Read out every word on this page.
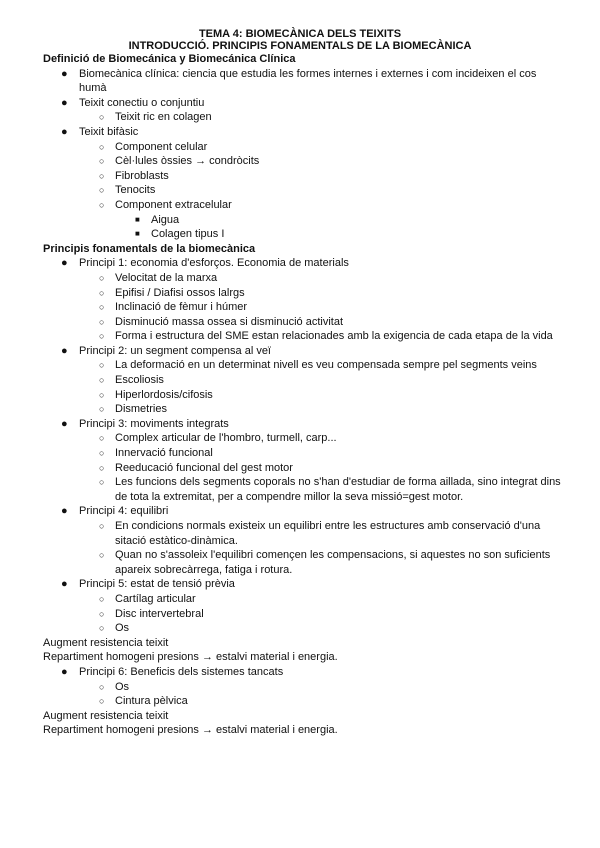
TEMA 4: BIOMECÀNICA DELS TEIXITS
INTRODUCCIÓ. PRINCIPIS FONAMENTALS DE LA BIOMECÀNICA
Definició de Biomecánica y Biomecánica Clínica
● Biomecànica clínica: ciencia que estudia les formes internes i externes i com incideixen el cos humà
● Teixit conectiu o conjuntiu
○ Teixit ric en colagen
● Teixit bifàsic
○ Component celular
○ Cèl·lules òssies → condròcits
○ Fibroblasts
○ Tenocits
○ Component extracelular
■ Aigua
■ Colagen tipus I
Principis fonamentals de la biomecànica
● Principi 1: economia d'esforços. Economia de materials
○ Velocitat de la marxa
○ Epifisi / Diafisi ossos lalrgs
○ Inclinació de fèmur i húmer
○ Disminució massa ossea si disminució activitat
○ Forma i estructura del SME estan relacionades amb la exigencia de cada etapa de la vida
● Principi 2: un segment compensa al veï
○ La deformació en un determinat nivell es veu compensada sempre pel segments veins
○ Escoliosis
○ Hiperlordosis/cifosis
○ Dismetries
● Principi 3: moviments integrats
○ Complex articular de l'hombro, turmell, carp...
○ Innervació funcional
○ Reeducació funcional del gest motor
○ Les funcions dels segments coporals no s'han d'estudiar de forma aillada, sino integrat dins de tota la extremitat, per a compendre millor la seva missió=gest motor.
● Principi 4: equilibri
○ En condicions normals existeix un equilibri entre les estructures amb conservació d'una sitació estàtico-dinàmica.
○ Quan no s'assoleix l'equilibri començen les compensacions, si aquestes no son suficients apareix sobrecàrrega, fatiga i rotura.
● Principi 5: estat de tensió prèvia
○ Cartílag articular
○ Disc intervertebral
○ Os
Augment resistencia teixit
Repartiment homogeni presions → estalvi material i energia.
● Principi 6: Beneficis dels sistemes tancats
○ Os
○ Cintura pèlvica
Augment resistencia teixit
Repartiment homogeni presions → estalvi material i energia.
